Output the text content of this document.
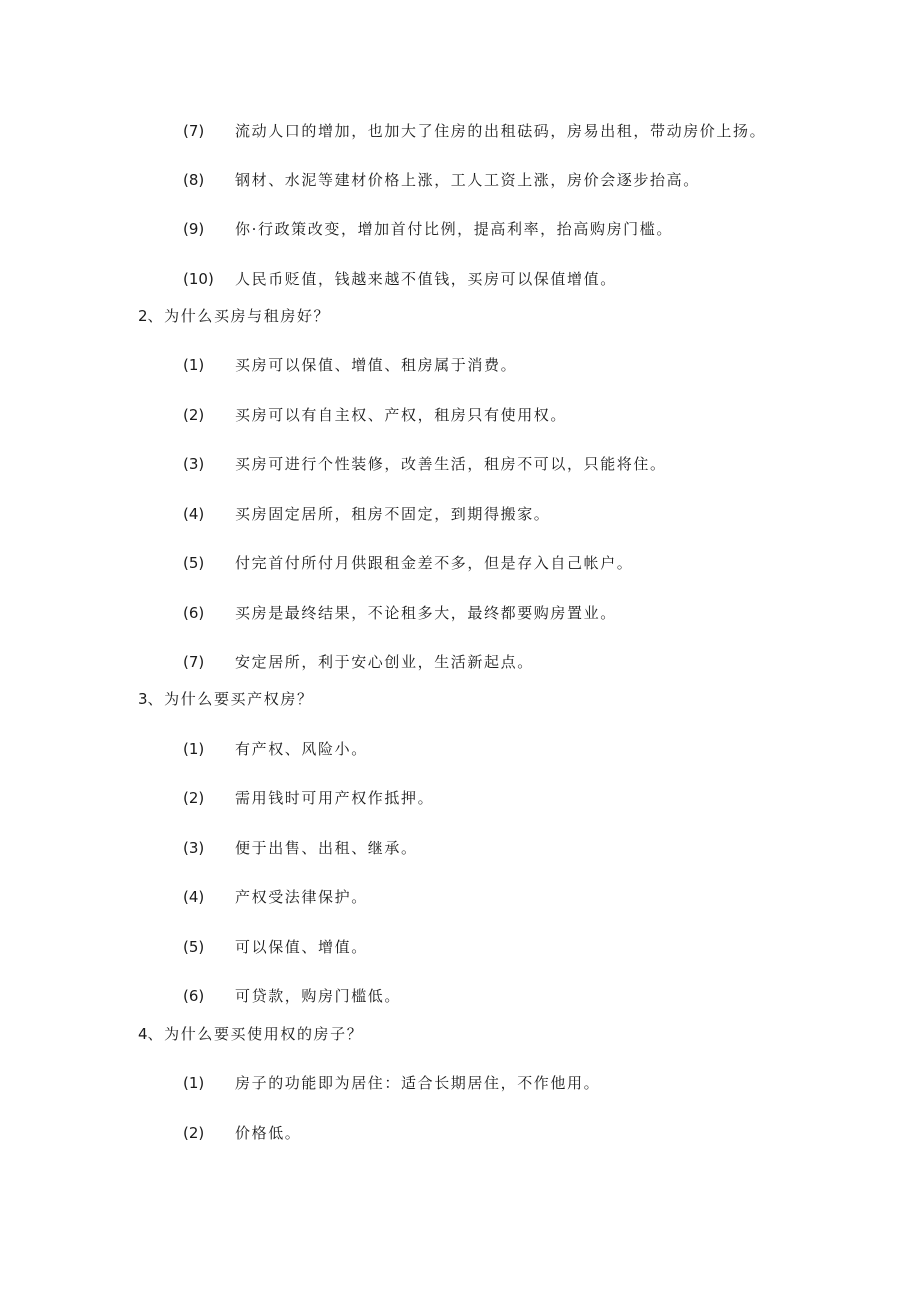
(7) 流动人口的增加，也加大了住房的出租砝码，房易出租，带动房价上扬。
(8) 钢材、水泥等建材价格上涨，工人工资上涨，房价会逐步抬高。
(9) 你·行政策改变，增加首付比例，提高利率，抬高购房门槛。
(10) 人民币贬值，钱越来越不值钱，买房可以保值增值。
2、为什么买房与租房好？
(1) 买房可以保值、增值、租房属于消费。
(2) 买房可以有自主权、产权，租房只有使用权。
(3) 买房可进行个性装修，改善生活，租房不可以，只能将住。
(4) 买房固定居所，租房不固定，到期得搬家。
(5) 付完首付所付月供跟租金差不多，但是存入自己帐户。
(6) 买房是最终结果，不论租多大，最终都要购房置业。
(7) 安定居所，利于安心创业，生活新起点。
3、为什么要买产权房？
(1) 有产权、风险小。
(2) 需用钱时可用产权作抵押。
(3) 便于出售、出租、继承。
(4) 产权受法律保护。
(5) 可以保值、增值。
(6) 可贷款，购房门槛低。
4、为什么要买使用权的房子？
(1) 房子的功能即为居住：适合长期居住，不作他用。
(2) 价格低。
